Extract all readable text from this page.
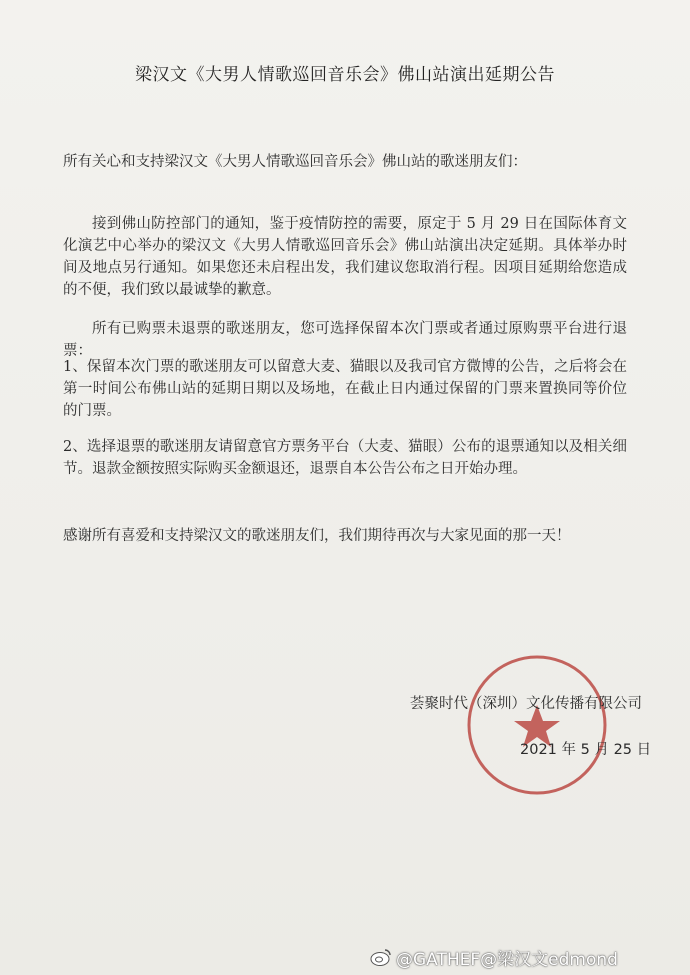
梁汉文《大男人情歌巡回音乐会》佛山站演出延期公告
所有关心和支持梁汉文《大男人情歌巡回音乐会》佛山站的歌迷朋友们：
接到佛山防控部门的通知，鉴于疫情防控的需要，原定于 5 月 29 日在国际体育文化演艺中心举办的梁汉文《大男人情歌巡回音乐会》佛山站演出决定延期。具体举办时间及地点另行通知。如果您还未启程出发，我们建议您取消行程。因项目延期给您造成的不便，我们致以最诚挚的歉意。
所有已购票未退票的歌迷朋友，您可选择保留本次门票或者通过原购票平台进行退票：
1、保留本次门票的歌迷朋友可以留意大麦、猫眼以及我司官方微博的公告，之后将会在第一时间公布佛山站的延期日期以及场地，在截止日内通过保留的门票来置换同等价位的门票。
2、选择退票的歌迷朋友请留意官方票务平台（大麦、猫眼）公布的退票通知以及相关细节。退款金额按照实际购买金额退还，退票自本公告公布之日开始办理。
感谢所有喜爱和支持梁汉文的歌迷朋友们，我们期待再次与大家见面的那一天！
荟聚时代（深圳）文化传播有限公司
2021 年 5 月 25 日
@GATHEF@梁汉文edmond
